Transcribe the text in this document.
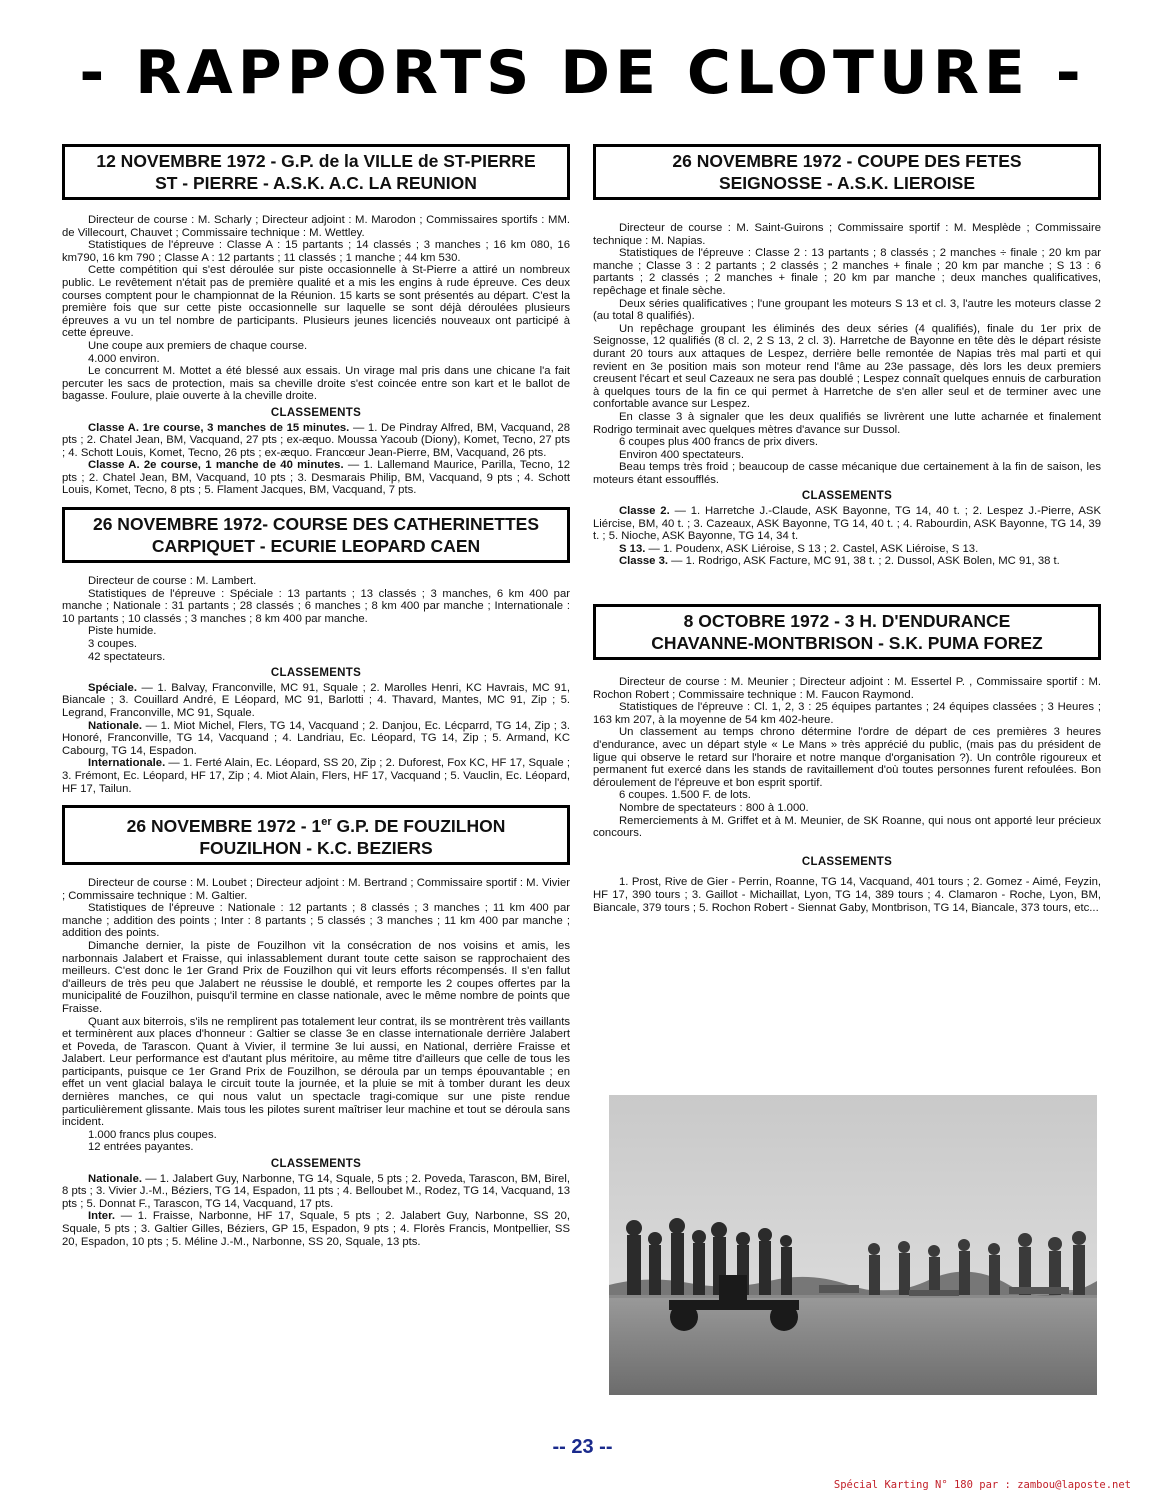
- RAPPORTS DE CLOTURE -
12 NOVEMBRE 1972 - G.P. de la VILLE de ST-PIERRE
ST - PIERRE - A.S.K. A.C. LA REUNION

Directeur de course : M. Scharly ; Directeur adjoint : M. Marodon ; Commissaires sportifs : MM. de Villecourt, Chauvet ; Commissaire technique : M. Wettley.

Statistiques de l'épreuve : Classe A : 15 partants ; 14 classés ; 3 manches ; 16 km 080, 16 km790, 16 km 790 ; Classe A : 12 partants ; 11 classés ; 1 manche ; 44 km 530.

Cette compétition qui s'est déroulée sur piste occasionnelle à St-Pierre a attiré un nombreux public. Le revêtement n'était pas de première qualité et a mis les engins à rude épreuve. Ces deux courses comptent pour le championnat de la Réunion. 15 karts se sont présentés au départ. C'est la première fois que sur cette piste occasionnelle sur laquelle se sont déjà déroulées plusieurs épreuves a vu un tel nombre de participants. Plusieurs jeunes licenciés nouveaux ont participé à cette épreuve.

Une coupe aux premiers de chaque course.

4.000 environ.

Le concurrent M. Mottet a été blessé aux essais. Un virage mal pris dans une chicane l'a fait percuter les sacs de protection, mais sa cheville droite s'est coincée entre son kart et le ballot de bagasse. Foulure, plaie ouverte à la cheville droite.

CLASSEMENTS

Classe A. 1re course, 3 manches de 15 minutes. — 1. De Pindray Alfred, BM, Vacquand, 28 pts ; 2. Chatel Jean, BM, Vacquand, 27 pts ; ex-æquo. Moussa Yacoub (Diony), Komet, Tecno, 27 pts ; 4. Schott Louis, Komet, Tecno, 26 pts ; ex-æquo. Francœur Jean-Pierre, BM, Vacquand, 26 pts.

Classe A. 2e course, 1 manche de 40 minutes. — 1. Lallemand Maurice, Parilla, Tecno, 12 pts ; 2. Chatel Jean, BM, Vacquand, 10 pts ; 3. Desmarais Philip, BM, Vacquand, 9 pts ; 4. Schott Louis, Komet, Tecno, 8 pts ; 5. Flament Jacques, BM, Vacquand, 7 pts.

26 NOVEMBRE 1972- COURSE DES CATHERINETTES
CARPIQUET - ECURIE LEOPARD CAEN

Directeur de course : M. Lambert.

Statistiques de l'épreuve : Spéciale : 13 partants ; 13 classés ; 3 manches, 6 km 400 par manche ; Nationale : 31 partants ; 28 classés ; 6 manches ; 8 km 400 par manche ; Internationale : 10 partants ; 10 classés ; 3 manches ; 8 km 400 par manche.

Piste humide.

3 coupes.

42 spectateurs.

CLASSEMENTS

Spéciale. — 1. Balvay, Franconville, MC 91, Squale ; 2. Marolles Henri, KC Havrais, MC 91, Biancale ; 3. Couillard André, E Léopard, MC 91, Barlotti ; 4. Thavard, Mantes, MC 91, Zip ; 5. Legrand, Franconville, MC 91, Squale.

Nationale. — 1. Miot Michel, Flers, TG 14, Vacquand ; 2. Danjou, Ec. Lécparrd, TG 14, Zip ; 3. Honoré, Franconville, TG 14, Vacquand ; 4. Landriau, Ec. Léopard, TG 14, Zip ; 5. Armand, KC Cabourg, TG 14, Espadon.

Internationale. — 1. Ferté Alain, Ec. Léopard, SS 20, Zip ; 2. Duforest, Fox KC, HF 17, Squale ; 3. Frémont, Ec. Léopard, HF 17, Zip ; 4. Miot Alain, Flers, HF 17, Vacquand ; 5. Vauclin, Ec. Léopard, HF 17, Tailun.

26 NOVEMBRE 1972 - 1er G.P. DE FOUZILHON
FOUZILHON - K.C. BEZIERS

Directeur de course : M. Loubet ; Directeur adjoint : M. Bertrand ; Commissaire sportif : M. Vivier ; Commissaire technique : M. Galtier.

Statistiques de l'épreuve : Nationale : 12 partants ; 8 classés ; 3 manches ; 11 km 400 par manche ; addition des points ; Inter : 8 partants ; 5 classés ; 3 manches ; 11 km 400 par manche ; addition des points.

Dimanche dernier, la piste de Fouzilhon vit la consécration de nos voisins et amis, les narbonnais Jalabert et Fraisse, qui inlassablement durant toute cette saison se rapprochaient des meilleurs. C'est donc le 1er Grand Prix de Fouzilhon qui vit leurs efforts récompensés. Il s'en fallut d'ailleurs de très peu que Jalabert ne réussise le doublé, et remporte les 2 coupes offertes par la municipalité de Fouzilhon, puisqu'il termine en classe nationale, avec le même nombre de points que Fraisse.

Quant aux biterrois, s'ils ne remplirent pas totalement leur contrat, ils se montrèrent très vaillants et terminèrent aux places d'honneur : Galtier se classe 3e en classe internationale derrière Jalabert et Poveda, de Tarascon. Quant à Vivier, il termine 3e lui aussi, en National, derrière Fraisse et Jalabert. Leur performance est d'autant plus méritoire, au même titre d'ailleurs que celle de tous les participants, puisque ce 1er Grand Prix de Fouzilhon, se déroula par un temps épouvantable ; en effet un vent glacial balaya le circuit toute la journée, et la pluie se mit à tomber durant les deux dernières manches, ce qui nous valut un spectacle tragi-comique sur une piste rendue particulièrement glissante. Mais tous les pilotes surent maîtriser leur machine et tout se déroula sans incident.

1.000 francs plus coupes.

12 entrées payantes.

CLASSEMENTS

Nationale. — 1. Jalabert Guy, Narbonne, TG 14, Squale, 5 pts ; 2. Poveda, Tarascon, BM, Birel, 8 pts ; 3. Vivier J.-M., Béziers, TG 14, Espadon, 11 pts ; 4. Belloubet M., Rodez, TG 14, Vacquand, 13 pts ; 5. Donnat F., Tarascon, TG 14, Vacquand, 17 pts.

Inter. — 1. Fraisse, Narbonne, HF 17, Squale, 5 pts ; 2. Jalabert Guy, Narbonne, SS 20, Squale, 5 pts ; 3. Galtier Gilles, Béziers, GP 15, Espadon, 9 pts ; 4. Florès Francis, Montpellier, SS 20, Espadon, 10 pts ; 5. Méline J.-M., Narbonne, SS 20, Squale, 13 pts.

26 NOVEMBRE 1972 - COUPE DES FETES
SEIGNOSSE - A.S.K. LIEROISE

Directeur de course : M. Saint-Guirons ; Commissaire sportif : M. Mesplède ; Commissaire technique : M. Napias.

Statistiques de l'épreuve : Classe 2 : 13 partants ; 8 classés ; 2 manches ÷ finale ; 20 km par manche ; Classe 3 : 2 partants ; 2 classés ; 2 manches + finale ; 20 km par manche ; S 13 : 6 partants ; 2 classés ; 2 manches + finale ; 20 km par manche ; deux manches qualificatives, repêchage et finale sèche.

Deux séries qualificatives ; l'une groupant les moteurs S 13 et cl. 3, l'autre les moteurs classe 2 (au total 8 qualifiés).

Un repêchage groupant les éliminés des deux séries (4 qualifiés), finale du 1er prix de Seignosse, 12 qualifiés (8 cl. 2, 2 S 13, 2 cl. 3). Harretche de Bayonne en tête dès le départ résiste durant 20 tours aux attaques de Lespez, derrière belle remontée de Napias très mal parti et qui revient en 3e position mais son moteur rend l'âme au 23e passage, dès lors les deux premiers creusent l'écart et seul Cazeaux ne sera pas doublé ; Lespez connaît quelques ennuis de carburation à quelques tours de la fin ce qui permet à Harretche de s'en aller seul et de terminer avec une confortable avance sur Lespez.

En classe 3 à signaler que les deux qualifiés se livrèrent une lutte acharnée et finalement Rodrigo terminait avec quelques mètres d'avance sur Dussol.

6 coupes plus 400 francs de prix divers.

Environ 400 spectateurs.

Beau temps très froid ; beaucoup de casse mécanique due certainement à la fin de saison, les moteurs étant essoufflés.

CLASSEMENTS

Classe 2. — 1. Harretche J.-Claude, ASK Bayonne, TG 14, 40 t. ; 2. Lespez J.-Pierre, ASK Liércise, BM, 40 t. ; 3. Cazeaux, ASK Bayonne, TG 14, 40 t. ; 4. Rabourdin, ASK Bayonne, TG 14, 39 t. ; 5. Nioche, ASK Bayonne, TG 14, 34 t.

S 13. — 1. Poudenx, ASK Liéroise, S 13 ; 2. Castel, ASK Liéroise, S 13.

Classe 3. — 1. Rodrigo, ASK Facture, MC 91, 38 t. ; 2. Dussol, ASK Bolen, MC 91, 38 t.

8 OCTOBRE 1972 - 3 H. D'ENDURANCE
CHAVANNE-MONTBRISON - S.K. PUMA FOREZ

Directeur de course : M. Meunier ; Directeur adjoint : M. Essertel P. , Commissaire sportif : M. Rochon Robert ; Commissaire technique : M. Faucon Raymond.

Statistiques de l'épreuve : Cl. 1, 2, 3 : 25 équipes partantes ; 24 équipes classées ; 3 Heures ; 163 km 207, à la moyenne de 54 km 402-heure.

Un classement au temps chrono détermine l'ordre de départ de ces premières 3 heures d'endurance, avec un départ style « Le Mans » très apprécié du public, (mais pas du président de ligue qui observe le retard sur l'horaire et notre manque d'organisation ?). Un contrôle rigoureux et permanent fut exercé dans les stands de ravitaillement d'où toutes personnes furent refoulées. Bon déroulement de l'épreuve et bon esprit sportif.

6 coupes. 1.500 F. de lots.

Nombre de spectateurs : 800 à 1.000.

Remerciements à M. Griffet et à M. Meunier, de SK Roanne, qui nous ont apporté leur précieux concours.

CLASSEMENTS

1. Prost, Rive de Gier - Perrin, Roanne, TG 14, Vacquand, 401 tours ; 2. Gomez - Aimé, Feyzin, HF 17, 390 tours ; 3. Gaillot - Michaillat, Lyon, TG 14, 389 tours ; 4. Clamaron - Roche, Lyon, BM, Biancale, 379 tours ; 5. Rochon Robert - Siennat Gaby, Montbrison, TG 14, Biancale, 373 tours, etc...

-- 23 --
Spécial Karting N° 180 par : zambou@laposte.net
